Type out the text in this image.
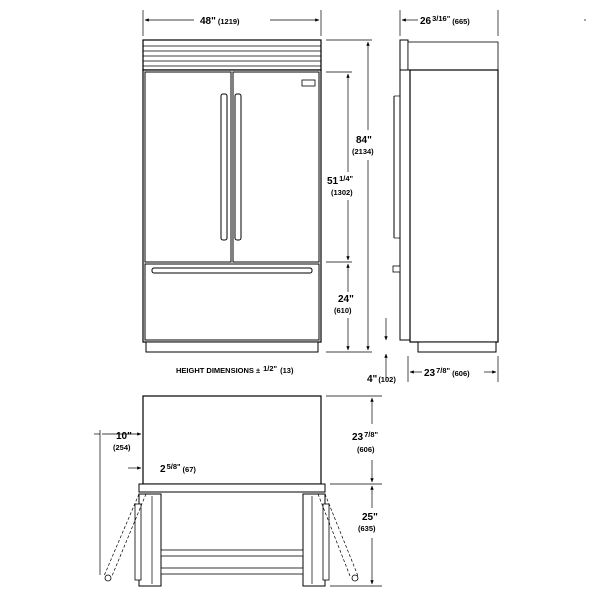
48" (1219)
84"
(2134)
$51^{1/4"}$
(1302)
24"
(610)
HEIGHT DIMENSIONS ± 1/2" (13)
$26^{3/16"}$ $_{(665)}$
4"(102)
$23^{7/8"}$ $_{(606)}$
10"
(254)
$2^{5/8"}$ $_{(67)}$
$23^{7/8"}$
(606)
25"
(635)
